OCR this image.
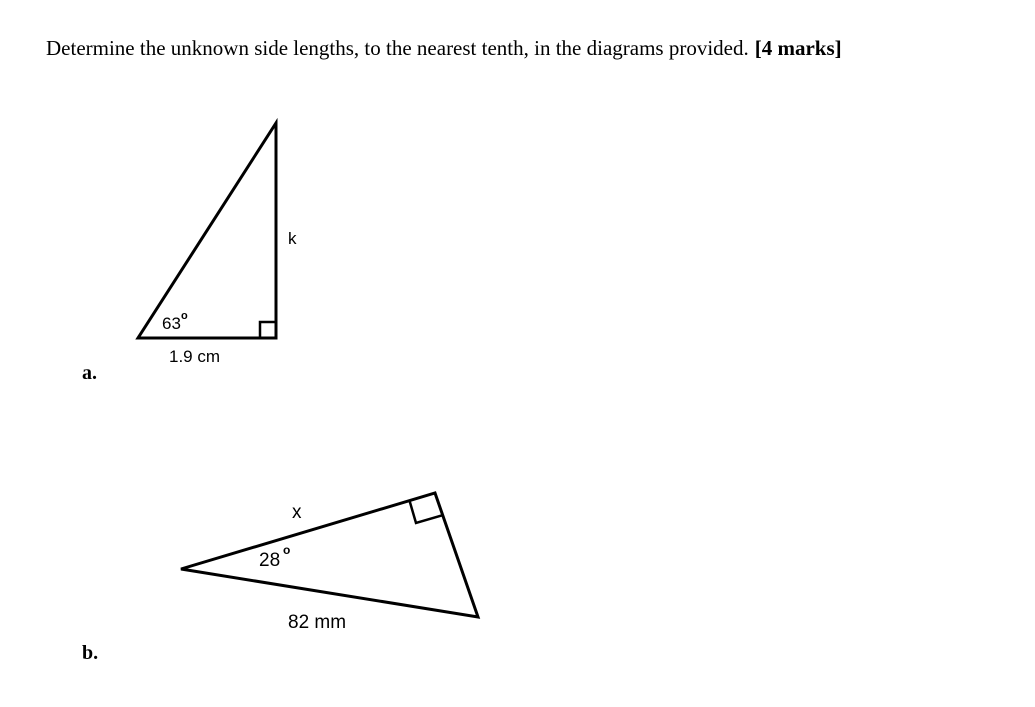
Determine the unknown side lengths, to the nearest tenth, in the diagrams provided. [4 marks]
63 o
1.9 cm
k
28 o
x
82 mm
a.
b.
